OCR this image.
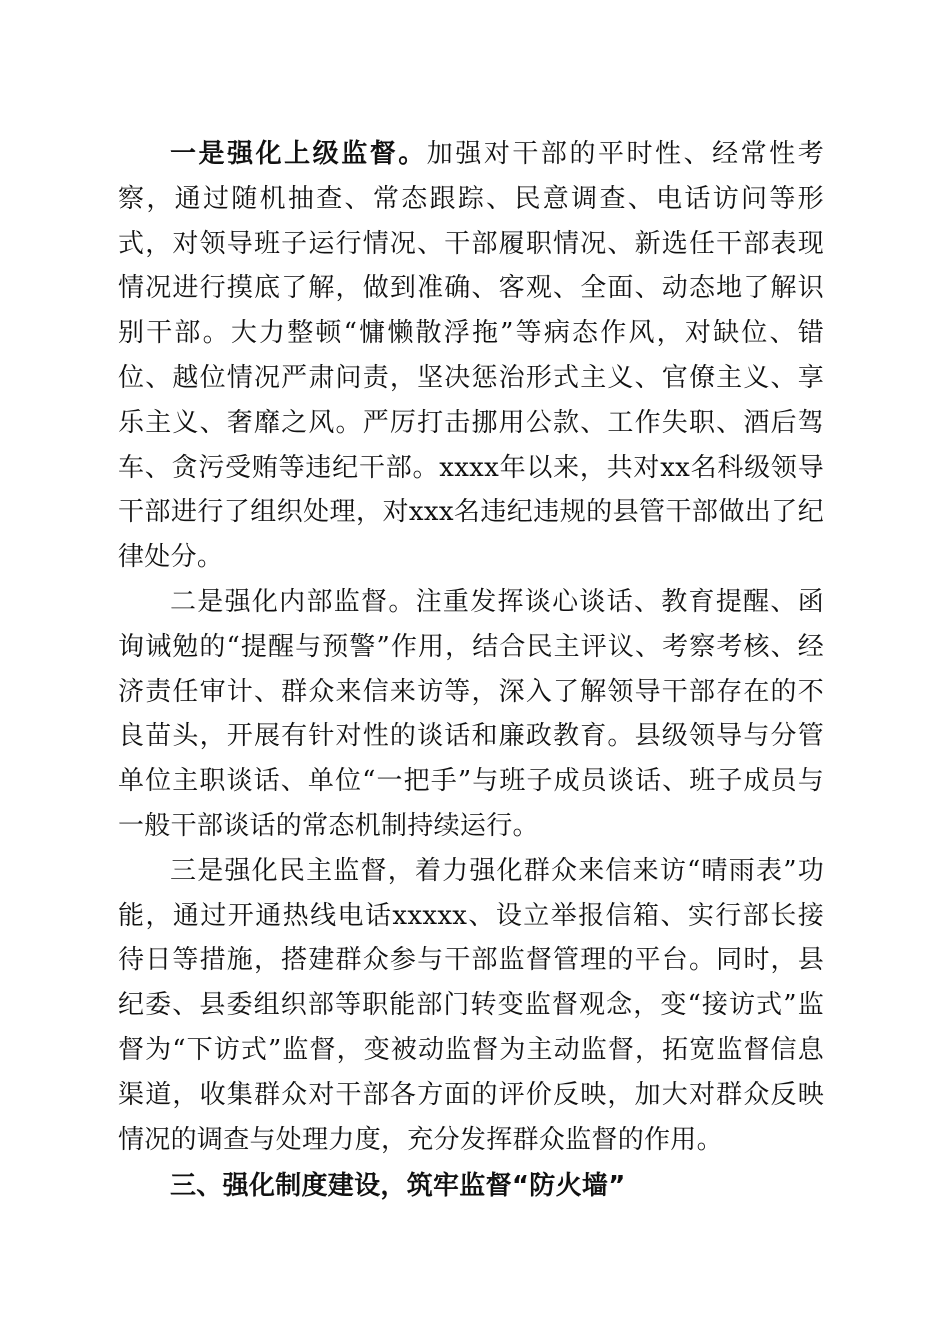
一是强化上级监督。加强对干部的平时性、经常性考察，通过随机抽查、常态跟踪、民意调查、电话访问等形式，对领导班子运行情况、干部履职情况、新选任干部表现情况进行摸底了解，做到准确、客观、全面、动态地了解识别干部。大力整顿“慵懒散浮拖”等病态作风，对缺位、错位、越位情况严肃问责，坚决惩治形式主义、官僚主义、享乐主义、奢靡之风。严厉打击挪用公款、工作失职、酒后驾车、贪污受贿等违纪干部。xxxx年以来，共对xx名科级领导干部进行了组织处理，对xxx名违纪违规的县管干部做出了纪律处分。

二是强化内部监督。注重发挥谈心谈话、教育提醒、函询诫勉的“提醒与预警”作用，结合民主评议、考察考核、经济责任审计、群众来信来访等，深入了解领导干部存在的不良苗头，开展有针对性的谈话和廉政教育。县级领导与分管单位主职谈话、单位“一把手”与班子成员谈话、班子成员与一般干部谈话的常态机制持续运行。

三是强化民主监督，着力强化群众来信来访“晴雨表”功能，通过开通热线电话xxxxx、设立举报信箱、实行部长接待日等措施，搭建群众参与干部监督管理的平台。同时，县纪委、县委组织部等职能部门转变监督观念，变“接访式”监督为“下访式”监督，变被动监督为主动监督，拓宽监督信息渠道，收集群众对干部各方面的评价反映，加大对群众反映情况的调查与处理力度，充分发挥群众监督的作用。

三、强化制度建设，筑牢监督“防火墙”
